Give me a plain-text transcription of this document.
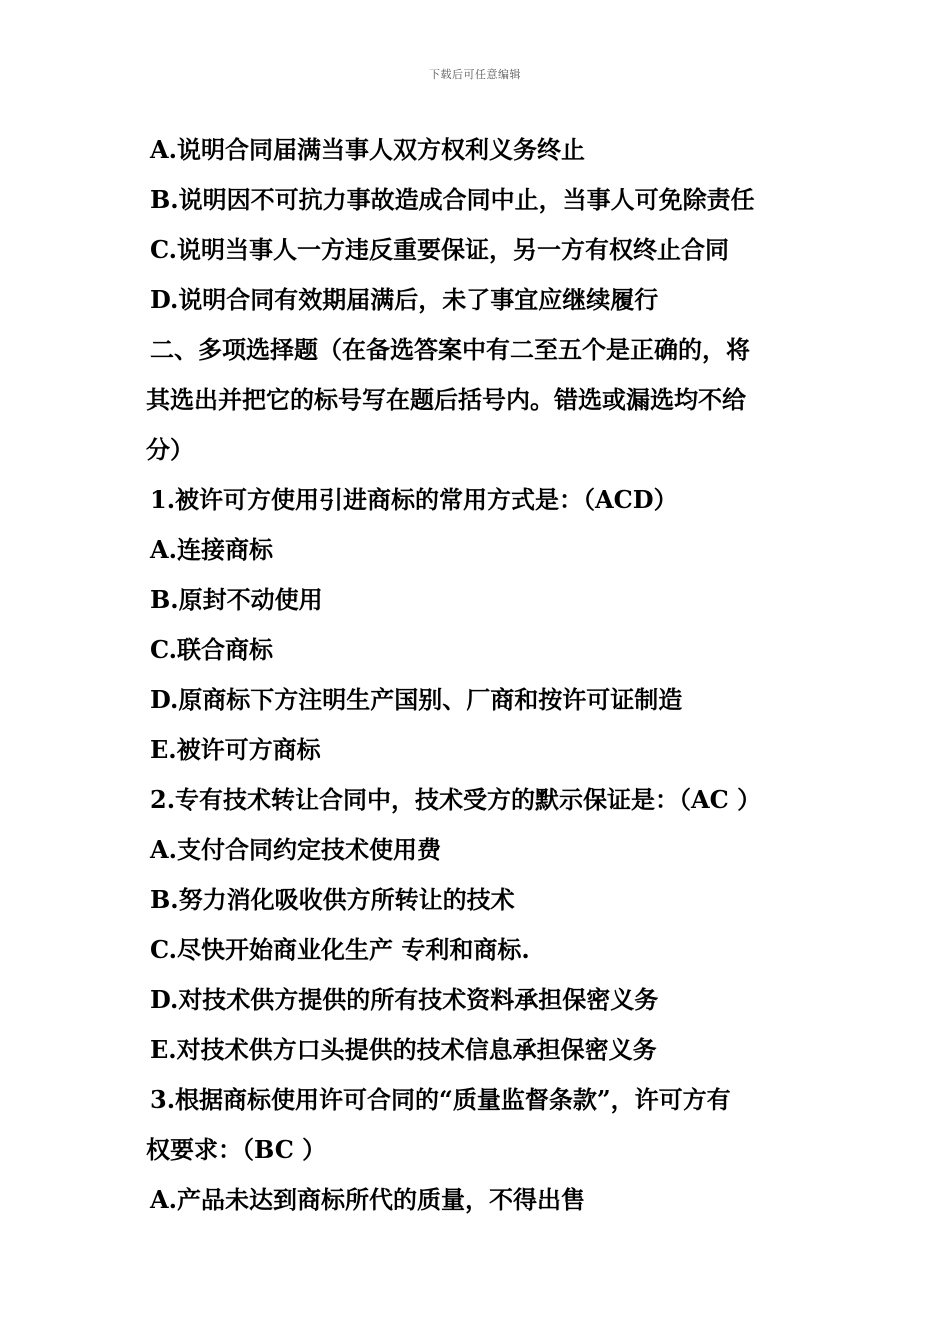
下载后可任意编辑
A.说明合同届满当事人双方权利义务终止
B.说明因不可抗力事故造成合同中止，当事人可免除责任
C.说明当事人一方违反重要保证，另一方有权终止合同
D.说明合同有效期届满后，未了事宜应继续履行
二、多项选择题（在备选答案中有二至五个是正确的，将
其选出并把它的标号写在题后括号内。错选或漏选均不给
分）
1.被许可方使用引进商标的常用方式是：（ACD）
A.连接商标
B.原封不动使用
C.联合商标
D.原商标下方注明生产国别、厂商和按许可证制造
E.被许可方商标
2.专有技术转让合同中，技术受方的默示保证是：（AC ）
A.支付合同约定技术使用费
B.努力消化吸收供方所转让的技术
C.尽快开始商业化生产 专利和商标.
D.对技术供方提供的所有技术资料承担保密义务
E.对技术供方口头提供的技术信息承担保密义务
3.根据商标使用许可合同的“质量监督条款”，许可方有
权要求：（BC ）
A.产品未达到商标所代的质量，不得出售
